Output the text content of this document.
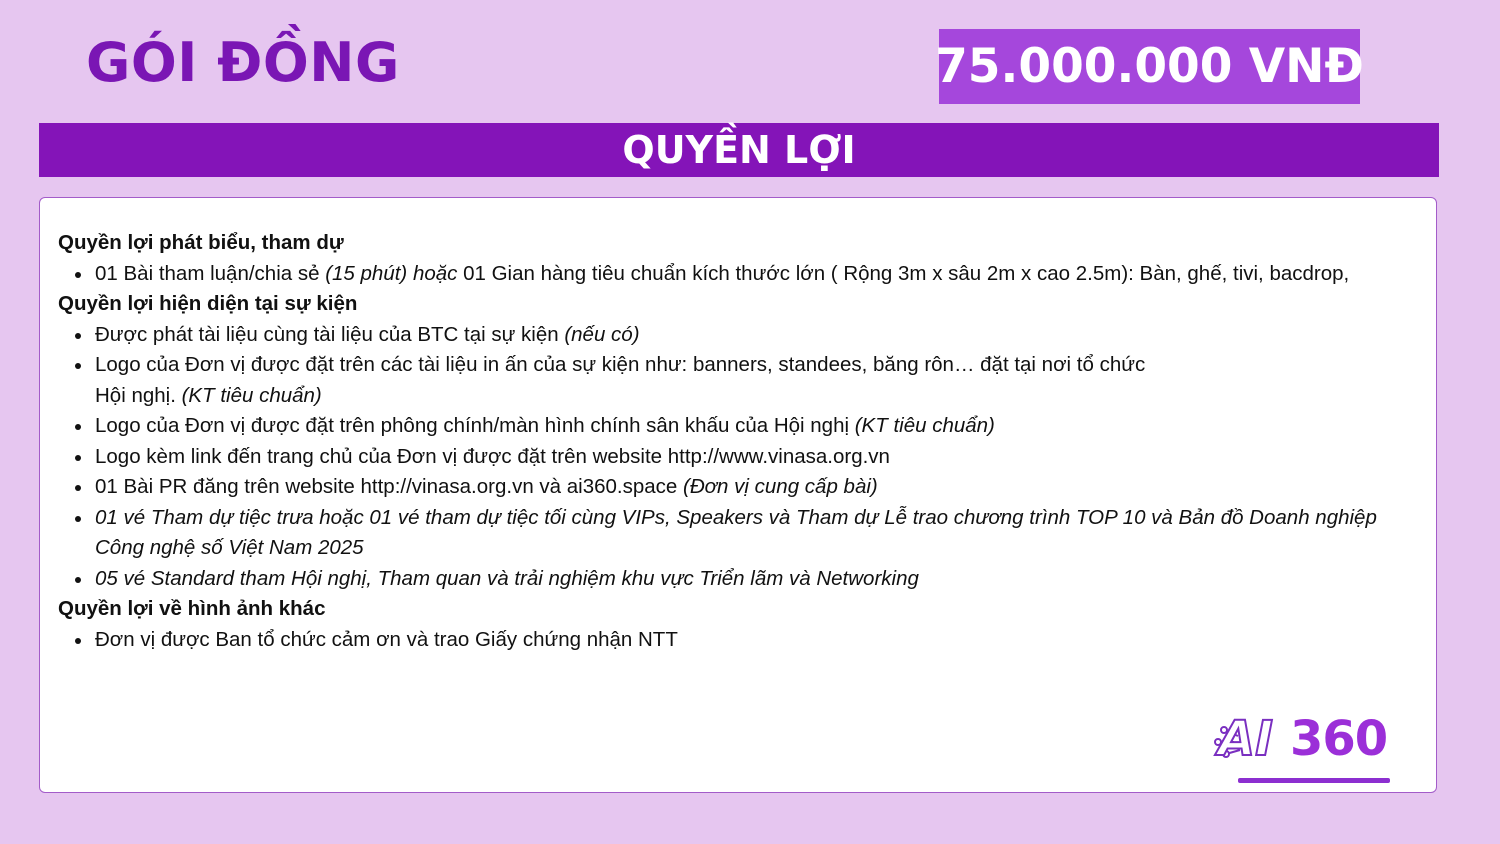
GÓI ĐỒNG	75.000.000 VNĐ
QUYỀN LỢI
Quyền lợi phát biểu, tham dự
01 Bài tham luận/chia sẻ (15 phút) hoặc 01 Gian hàng tiêu chuẩn kích thước lớn ( Rộng 3m x sâu 2m x cao 2.5m): Bàn, ghế, tivi, bacdrop,
Quyền lợi hiện diện tại sự kiện
Được phát tài liệu cùng tài liệu của BTC tại sự kiện (nếu có)
Logo của Đơn vị được đặt trên các tài liệu in ấn của sự kiện như: banners, standees, băng rôn… đặt tại nơi tổ chức
Hội nghị. (KT tiêu chuẩn)
Logo của Đơn vị được đặt trên phông chính/màn hình chính sân khấu của Hội nghị (KT tiêu chuẩn)
Logo kèm link đến trang chủ của Đơn vị được đặt trên website http://www.vinasa.org.vn
01 Bài PR đăng trên website http://vinasa.org.vn và ai360.space (Đơn vị cung cấp bài)
01 vé Tham dự tiệc trưa hoặc 01 vé tham dự tiệc tối cùng VIPs, Speakers và Tham dự Lễ trao chương trình TOP 10 và Bản đồ Doanh nghiệp
Công nghệ số Việt Nam 2025
05 vé Standard tham Hội nghị, Tham quan và trải nghiệm khu vực Triển lãm và Networking
Quyền lợi về hình ảnh khác
Đơn vị được Ban tổ chức cảm ơn và trao Giấy chứng nhận NTT
AI 360
